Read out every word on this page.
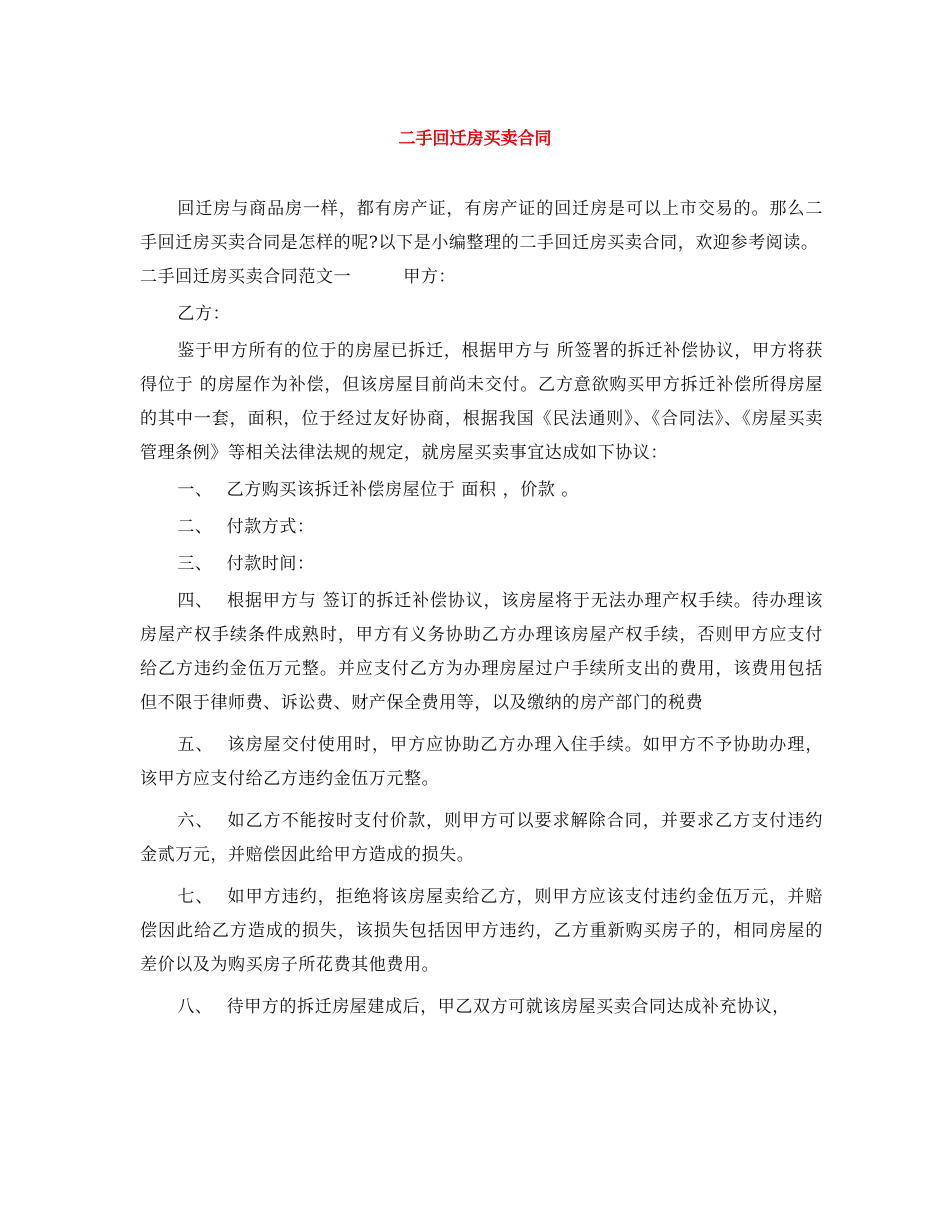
二手回迁房买卖合同

回迁房与商品房一样，都有房产证，有房产证的回迁房是可以上市交易的。那么二手回迁房买卖合同是怎样的呢?以下是小编整理的二手回迁房买卖合同，欢迎参考阅读。

二手回迁房买卖合同范文一	甲方：

乙方：

鉴于甲方所有的位于的房屋已拆迁，根据甲方与 所签署的拆迁补偿协议，甲方将获得位于 的房屋作为补偿，但该房屋目前尚未交付。乙方意欲购买甲方拆迁补偿所得房屋的其中一套，面积，位于经过友好协商，根据我国《民法通则》、《合同法》、《房屋买卖管理条例》等相关法律法规的规定，就房屋买卖事宜达成如下协议：

一、 乙方购买该拆迁补偿房屋位于 面积 ，价款 。

二、 付款方式：

三、 付款时间：

四、 根据甲方与 签订的拆迁补偿协议，该房屋将于无法办理产权手续。待办理该房屋产权手续条件成熟时，甲方有义务协助乙方办理该房屋产权手续，否则甲方应支付给乙方违约金伍万元整。并应支付乙方为办理房屋过户手续所支出的费用，该费用包括但不限于律师费、诉讼费、财产保全费用等，以及缴纳的房产部门的税费

五、 该房屋交付使用时，甲方应协助乙方办理入住手续。如甲方不予协助办理，该甲方应支付给乙方违约金伍万元整。

六、 如乙方不能按时支付价款，则甲方可以要求解除合同，并要求乙方支付违约金贰万元，并赔偿因此给甲方造成的损失。

七、 如甲方违约，拒绝将该房屋卖给乙方，则甲方应该支付违约金伍万元，并赔偿因此给乙方造成的损失，该损失包括因甲方违约，乙方重新购买房子的，相同房屋的差价以及为购买房子所花费其他费用。

八、 待甲方的拆迁房屋建成后，甲乙双方可就该房屋买卖合同达成补充协议，
